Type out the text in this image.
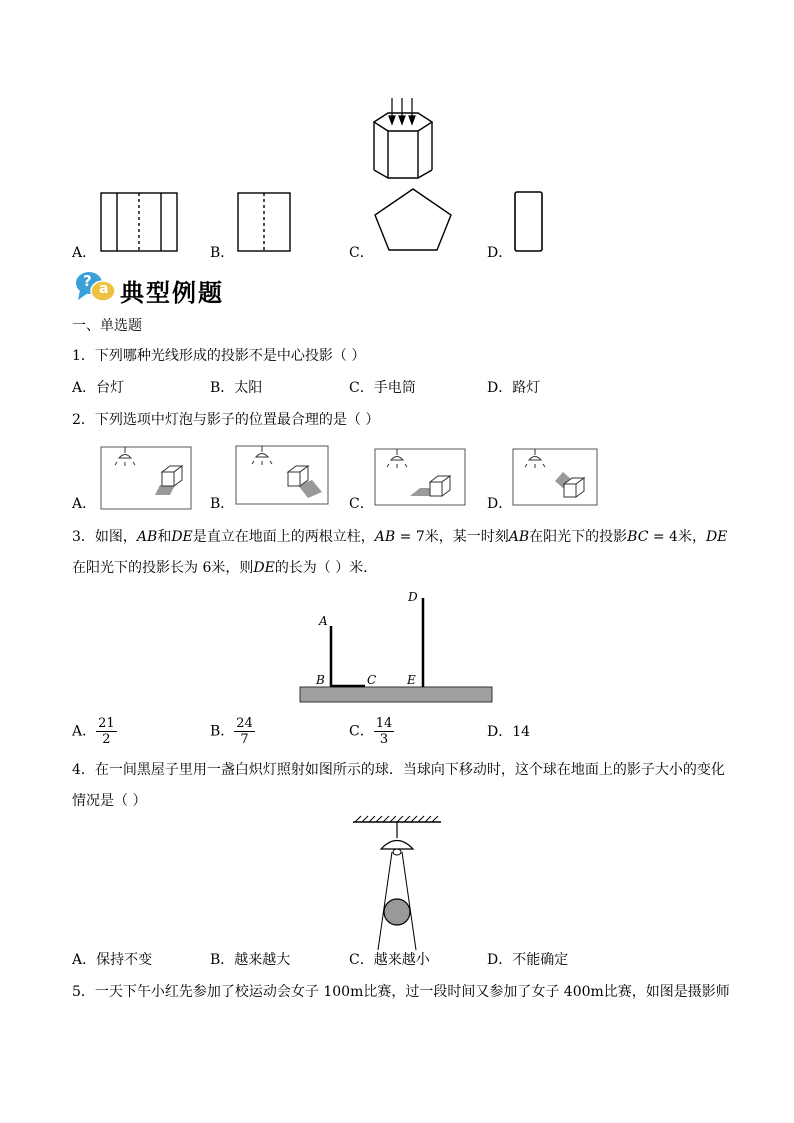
A．	B．	C．	D．
? a 典型例题
一、单选题
1．下列哪种光线形成的投影不是中心投影（ ）
A．台灯	B．太阳	C．手电筒	D．路灯
2．下列选项中灯泡与影子的位置最合理的是（ ）
A．	B．	C．	D．
3．如图，AB和DE是直立在地面上的两根立柱，AB = 7米，某一时刻AB在阳光下的投影BC = 4米，DE
在阳光下的投影长为 6米，则DE的长为（ ）米．
A
B	C
D
E
A． $\frac{21}{2}$	B． $\frac{24}{7}$	C． $\frac{14}{3}$	D．14
4．在一间黑屋子里用一盏白炽灯照射如图所示的球．当球向下移动时，这个球在地面上的影子大小的变化
情况是（ ）
A．保持不变	B．越来越大	C．越来越小	D．不能确定
5．一天下午小红先参加了校运动会女子 100m比赛，过一段时间又参加了女子 400m比赛，如图是摄影师
